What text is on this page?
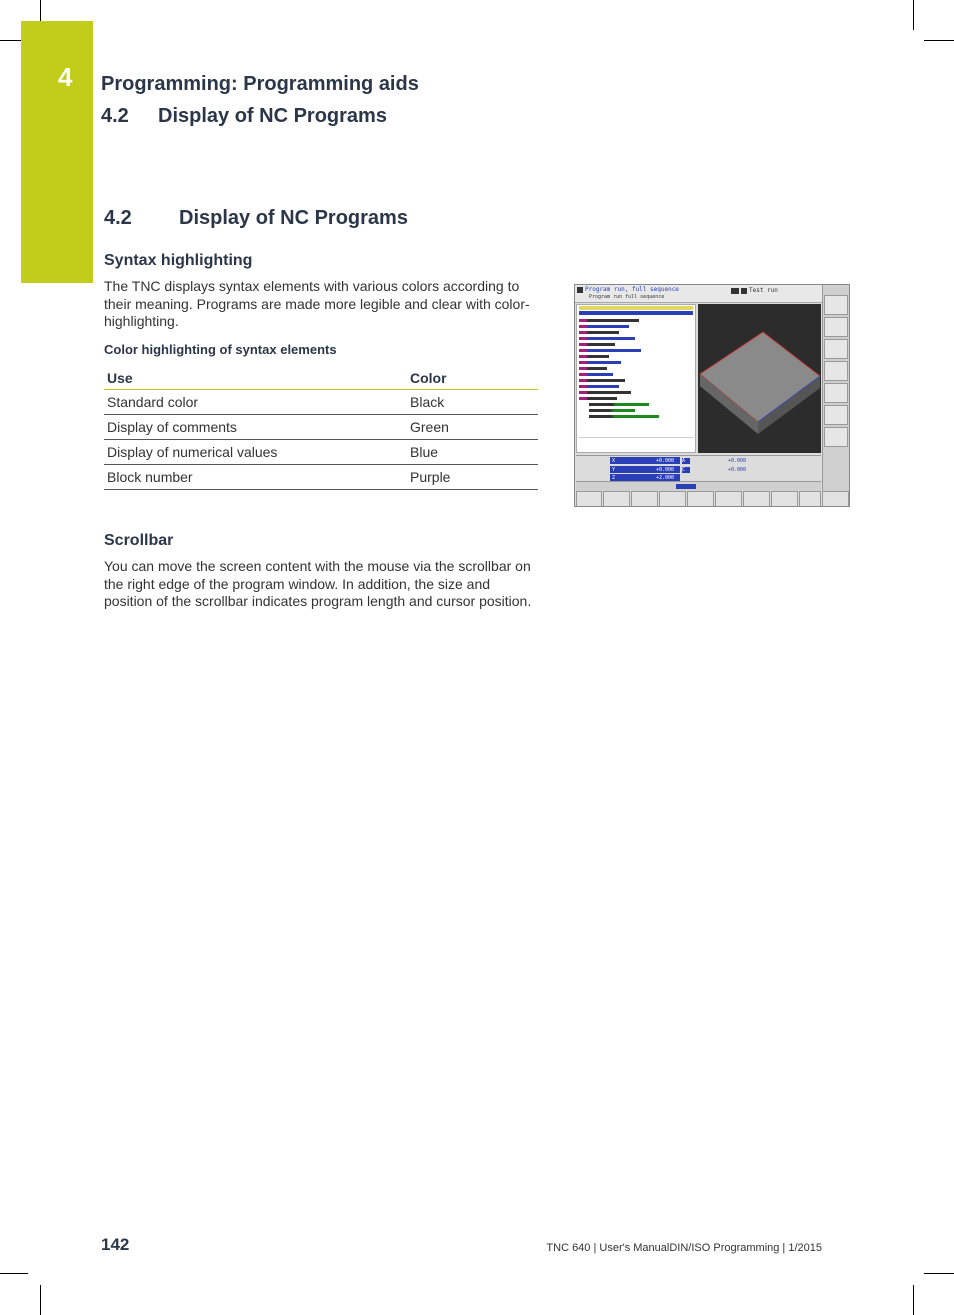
4 Programming: Programming aids
4.2 Display of NC Programs
4.2 Display of NC Programs
Syntax highlighting

The TNC displays syntax elements with various colors according to their meaning. Programs are made more legible and clear with color-highlighting.

Color highlighting of syntax elements
Use	Color
Standard color	Black
Display of comments	Green
Display of numerical values	Blue
Block number	Purple
Scrollbar

You can move the screen content with the mouse via the scrollbar on the right edge of the program window. In addition, the size and position of the scrollbar indicates program length and cursor position.

Program run, full sequence
Program run full sequence
Test run
X
Y
Z
+0.000
+0.000
+2.000
A
C
+0.000
+0.000
142	TNC 640 | User's ManualDIN/ISO Programming | 1/2015
